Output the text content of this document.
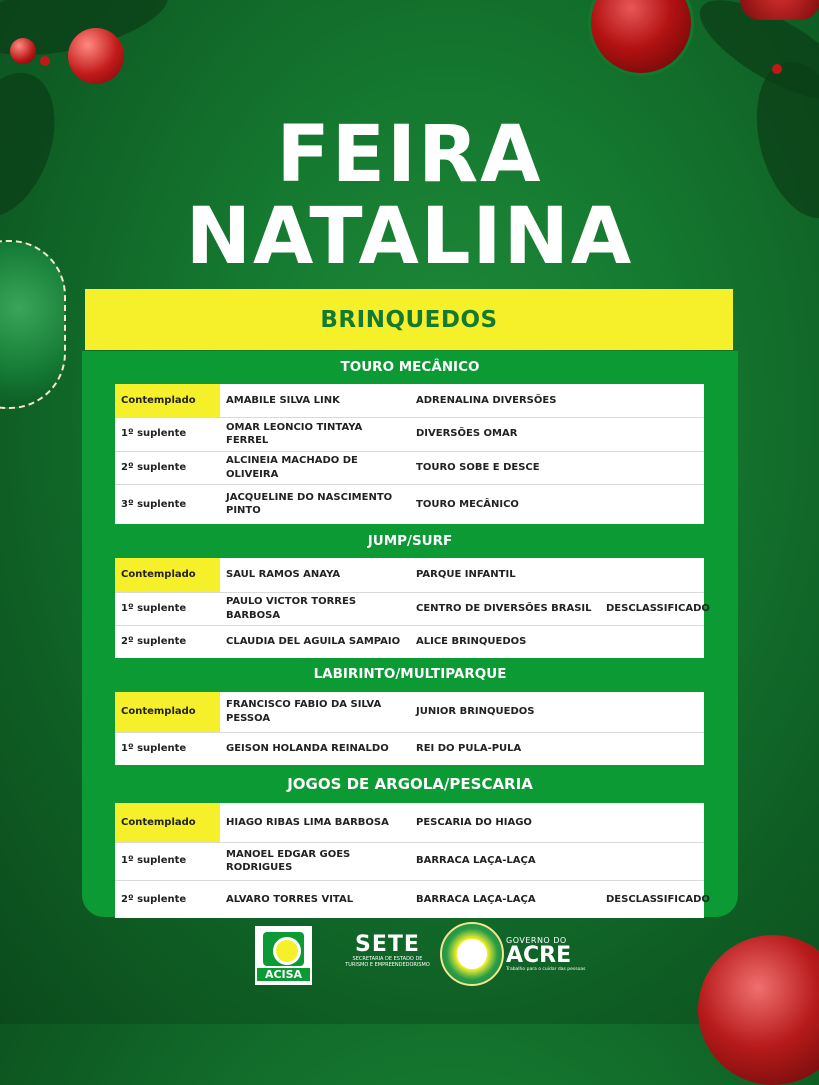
FEIRA
NATALINA
BRINQUEDOS
TOURO MECÂNICO
Contemplado	AMABILE SILVA LINK	ADRENALINA DIVERSÕES	
1º suplente	OMAR LEONCIO TINTAYA FERREL	DIVERSÕES OMAR	
2º suplente	ALCINEIA MACHADO DE OLIVEIRA	TOURO SOBE E DESCE	
3º suplente	JACQUELINE DO NASCIMENTO PINTO	TOURO MECÂNICO	
JUMP/SURF
Contemplado	SAUL RAMOS ANAYA	PARQUE INFANTIL	
1º suplente	PAULO VICTOR TORRES BARBOSA	CENTRO DE DIVERSÕES BRASIL	DESCLASSIFICADO
2º suplente	CLAUDIA DEL AGUILA SAMPAIO	ALICE BRINQUEDOS	
LABIRINTO/MULTIPARQUE
Contemplado	FRANCISCO FABIO DA SILVA PESSOA	JUNIOR BRINQUEDOS	
1º suplente	GEISON HOLANDA REINALDO	REI DO PULA-PULA	
JOGOS DE ARGOLA/PESCARIA
Contemplado	HIAGO RIBAS LIMA BARBOSA	PESCARIA DO HIAGO	
1º suplente	MANOEL EDGAR GOES RODRIGUES	BARRACA LAÇA-LAÇA	
2º suplente	ALVARO TORRES VITAL	BARRACA LAÇA-LAÇA	DESCLASSIFICADO
ACISA
SETE
SECRETARIA DE ESTADO DE TURISMO E EMPREENDEDORISMO
GOVERNO DO
ACRE
Trabalho para o cuidar das pessoas
